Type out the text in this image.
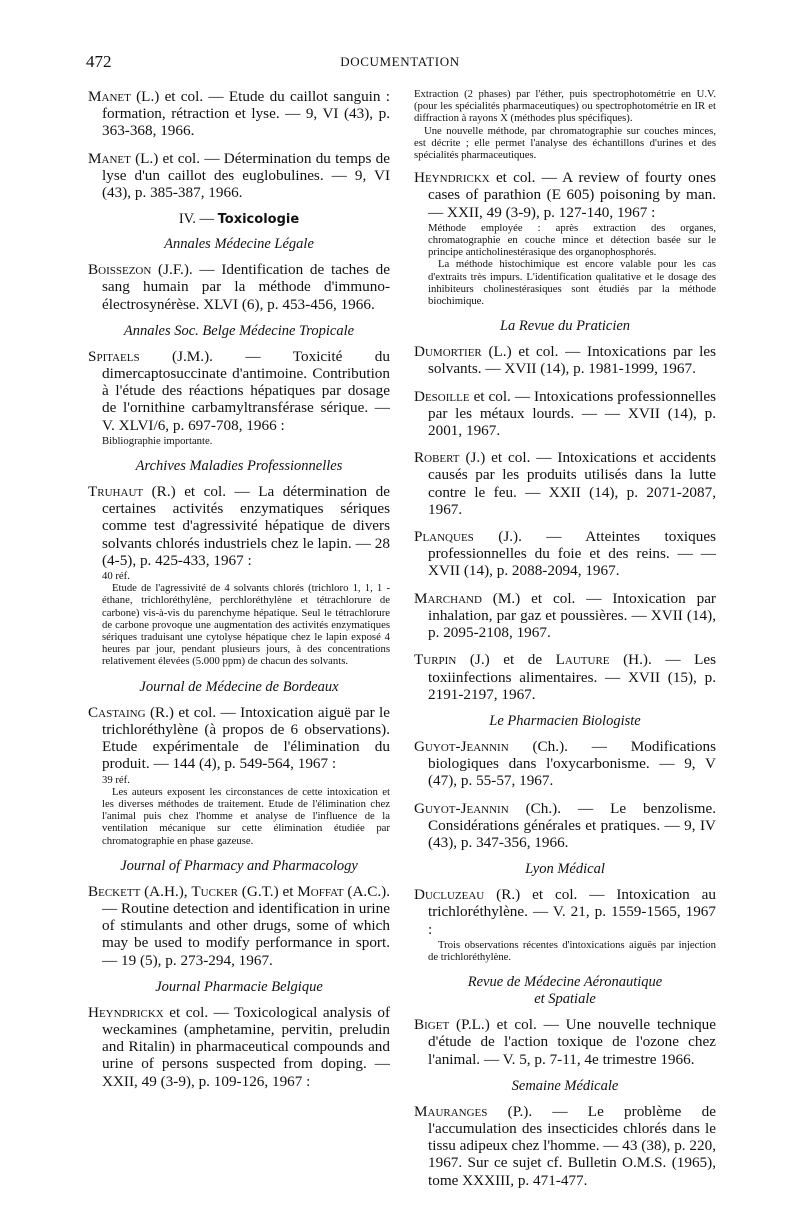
472	DOCUMENTATION

Manet (L.) et col. — Etude du caillot sanguin : formation, rétraction et lyse. — 9, VI (43), p. 363-368, 1966.

Manet (L.) et col. — Détermination du temps de lyse d'un caillot des euglobulines. — 9, VI (43), p. 385-387, 1966.

IV. — Toxicologie
Annales Médecine Légale

Boissezon (J.F.). — Identification de taches de sang humain par la méthode d'immuno-électrosynérèse. XLVI (6), p. 453-456, 1966.

Annales Soc. Belge Médecine Tropicale

Spitaels (J.M.). — Toxicité du dimercaptosuccinate d'antimoine. Contribution à l'étude des réactions hépatiques par dosage de l'ornithine carbamyltransférase sérique. — V. XLVI/6, p. 697-708, 1966 :

Bibliographie importante.

Archives Maladies Professionnelles

Truhaut (R.) et col. — La détermination de certaines activités enzymatiques sériques comme test d'agressivité hépatique de divers solvants chlorés industriels chez le lapin. — 28 (4-5), p. 425-433, 1967 :

40 réf.

Etude de l'agressivité de 4 solvants chlorés (trichloro 1, 1, 1 - éthane, trichloréthylène, perchloréthylène et tétrachlorure de carbone) vis-à-vis du parenchyme hépatique. Seul le tétrachlorure de carbone provoque une augmentation des activités enzymatiques sériques traduisant une cytolyse hépatique chez le lapin exposé 4 heures par jour, pendant plusieurs jours, à des concentrations relativement élevées (5.000 ppm) de chacun des solvants.

Journal de Médecine de Bordeaux

Castaing (R.) et col. — Intoxication aiguë par le trichloréthylène (à propos de 6 observations). Etude expérimentale de l'élimination du produit. — 144 (4), p. 549-564, 1967 :

39 réf.

Les auteurs exposent les circonstances de cette intoxication et les diverses méthodes de traitement. Etude de l'élimination chez l'animal puis chez l'homme et analyse de l'influence de la ventilation mécanique sur cette élimination étudiée par chromatographie en phase gazeuse.

Journal of Pharmacy and Pharmacology

Beckett (A.H.), Tucker (G.T.) et Moffat (A.C.). — Routine detection and identification in urine of stimulants and other drugs, some of which may be used to modify performance in sport. — 19 (5), p. 273-294, 1967.

Journal Pharmacie Belgique

Heyndrickx et col. — Toxicological analysis of weckamines (amphetamine, pervitin, preludin and Ritalin) in pharmaceutical compounds and urine of persons suspected from doping. — XXII, 49 (3-9), p. 109-126, 1967 :

Extraction (2 phases) par l'éther, puis spectrophotométrie en U.V. (pour les spécialités pharmaceutiques) ou spectrophotométrie en IR et diffraction à rayons X (méthodes plus spécifiques).

Une nouvelle méthode, par chromatographie sur couches minces, est décrite ; elle permet l'analyse des échantillons d'urines et des spécialités pharmaceutiques.

Heyndrickx et col. — A review of fourty ones cases of parathion (E 605) poisoning by man. — XXII, 49 (3-9), p. 127-140, 1967 :

Méthode employée : après extraction des organes, chromatographie en couche mince et détection basée sur le principe anticholinestérasique des organophosphorés.

La méthode histochimique est encore valable pour les cas d'extraits très impurs. L'identification qualitative et le dosage des inhibiteurs cholinestérasiques sont étudiés par la méthode biochimique.

La Revue du Praticien

Dumortier (L.) et col. — Intoxications par les solvants. — XVII (14), p. 1981-1999, 1967.

Desoille et col. — Intoxications professionnelles par les métaux lourds. — — XVII (14), p. 2001, 1967.

Robert (J.) et col. — Intoxications et accidents causés par les produits utilisés dans la lutte contre le feu. — XXII (14), p. 2071-2087, 1967.

Planques (J.). — Atteintes toxiques professionnelles du foie et des reins. — — XVII (14), p. 2088-2094, 1967.

Marchand (M.) et col. — Intoxication par inhalation, par gaz et poussières. — XVII (14), p. 2095-2108, 1967.

Turpin (J.) et de Lauture (H.). — Les toxiinfections alimentaires. — XVII (15), p. 2191-2197, 1967.

Le Pharmacien Biologiste

Guyot-Jeannin (Ch.). — Modifications biologiques dans l'oxycarbonisme. — 9, V (47), p. 55-57, 1967.

Guyot-Jeannin (Ch.). — Le benzolisme. Considérations générales et pratiques. — 9, IV (43), p. 347-356, 1966.

Lyon Médical

Ducluzeau (R.) et col. — Intoxication au trichloréthylène. — V. 21, p. 1559-1565, 1967 :

Trois observations récentes d'intoxications aiguës par injection de trichloréthylène.

Revue de Médecine Aéronautique
et Spatiale

Biget (P.L.) et col. — Une nouvelle technique d'étude de l'action toxique de l'ozone chez l'animal. — V. 5, p. 7-11, 4e trimestre 1966.

Semaine Médicale

Mauranges (P.). — Le problème de l'accumulation des insecticides chlorés dans le tissu adipeux chez l'homme. — 43 (38), p. 220, 1967. Sur ce sujet cf. Bulletin O.M.S. (1965), tome XXXIII, p. 471-477.
